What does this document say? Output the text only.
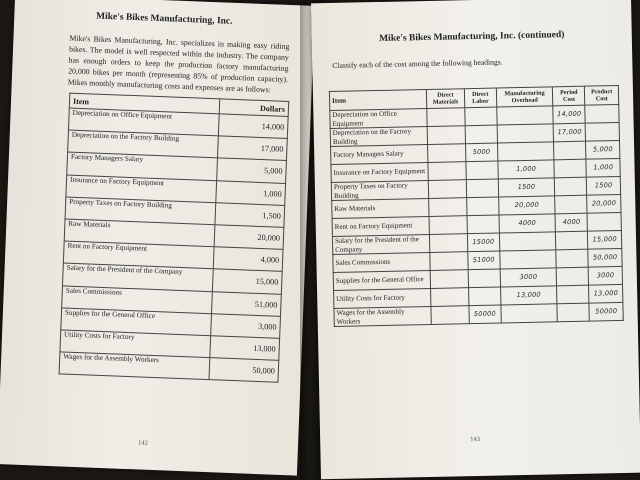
Mike's Bikes Manufacturing, Inc.
Mike's Bikes Manufacturing, Inc. specializes in making easy riding bikes. The model is well respected within the industry. The company has enough orders to keep the production factory manufacturing 20,000 bikes per month (representing 85% of production capacity). Mikes monthly manufacturing costs and expenses are as follows:
Item	Dollars
Depreciation on Office Equipment	14,000
Depreciation on the Factory Building	17,000
Factory Managers Salary	5,000
Insurance on Factory Equipment	1,000
Property Taxes on Factory Building	1,500
Raw Materials	20,000
Rent on Factory Equipment	4,000
Salary for the President of the Company	15,000
Sales Commissions	51,000
Supplies for the General Office	3,000
Utility Costs for Factory	13,000
Wages for the Assembly Workers	50,000
142
Mike's Bikes Manufacturing, Inc. (continued)
Classify each of the cost among the following headings.
Item	Direct Materials	Direct Labor	Manufacturing Overhead	Period Cost	Product Cost
Depreciation on Office Equipment				14,000	
Depreciation on the Factory Building				17,000	
Factory Managers Salary		5000			5,000
Insurance on Factory Equipment			1,000		1,000
Property Taxes on Factory Building			1500		1500
Raw Materials			20,000		20,000
Rent on Factory Equipment			4000	4000	
Salary for the President of the Company		15000			15,000
Sales Commissions		51000			50,000
Supplies for the General Office			3000		3000
Utility Costs for Factory			13,000		13,000
Wages for the Assembly Workers		50000			50000
143
